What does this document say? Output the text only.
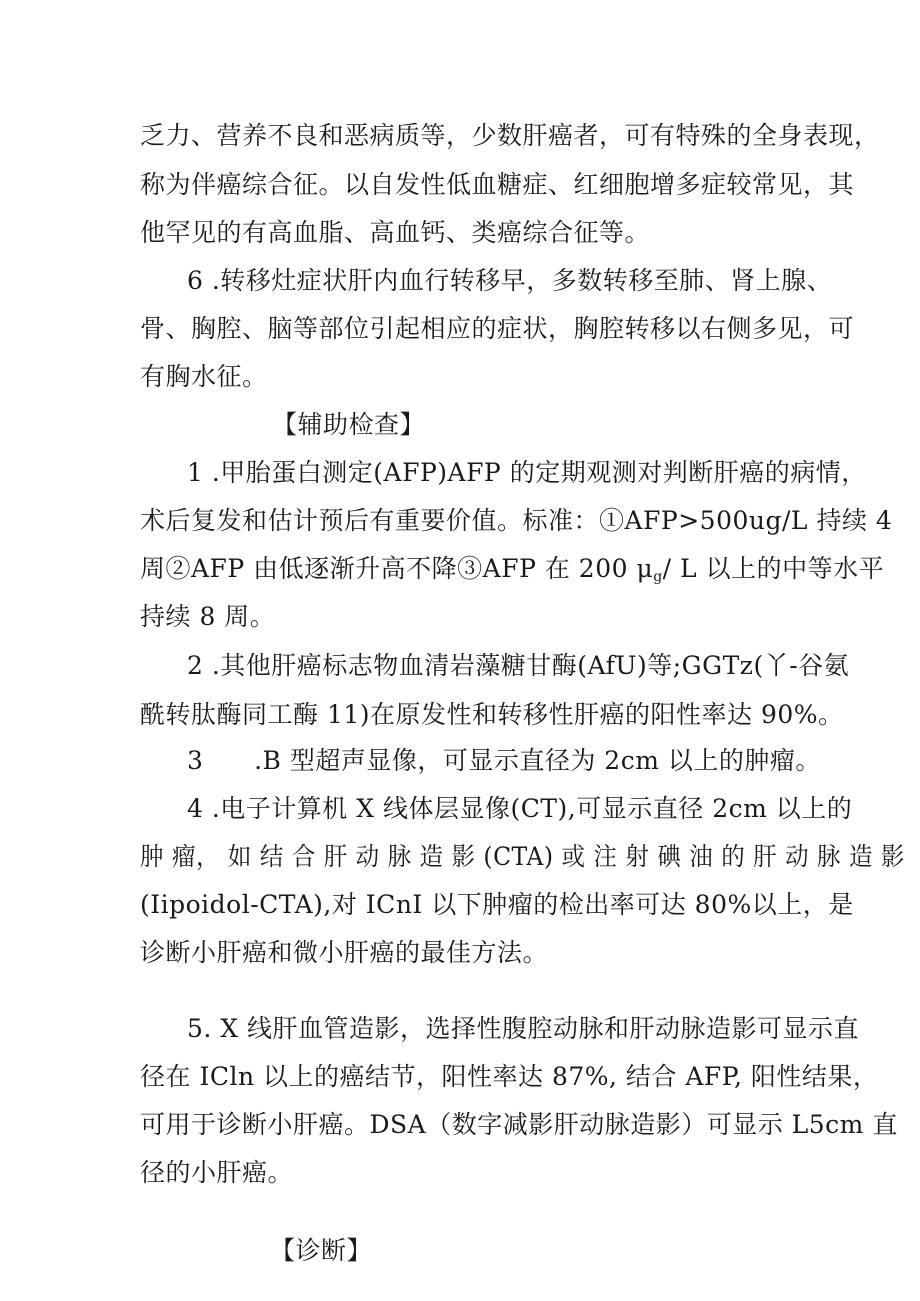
乏力、营养不良和恶病质等，少数肝癌者，可有特殊的全身表现，
称为伴癌综合征。以自发性低血糖症、红细胞增多症较常见，其
他罕见的有高血脂、高血钙、类癌综合征等。
6 .转移灶症状肝内血行转移早，多数转移至肺、肾上腺、
骨、胸腔、脑等部位引起相应的症状，胸腔转移以右侧多见，可
有胸水征。
【辅助检查】
1 .甲胎蛋白测定(AFP)AFP 的定期观测对判断肝癌的病情，
术后复发和估计预后有重要价值。标准：①AFP>500ug/L 持续 4
周②AFP 由低逐渐升高不降③AFP 在 200 $\mu_g/$ L 以上的中等水平
持续 8 周。
2 .其他肝癌标志物血清岩藻糖甘酶(AfU)等;GGTz(丫-谷氨
酰转肽酶同工酶 11)在原发性和转移性肝癌的阳性率达 90%。
3      .B 型超声显像，可显示直径为 2cm 以上的肿瘤。
4 .电子计算机 X 线体层显像(CT),可显示直径 2cm 以上的
肿 瘤， 如 结 合 肝 动 脉 造 影 (CTA) 或 注 射 碘 油 的 肝 动 脉 造 影
(Iipoidol-CTA),对 ICnI 以下肿瘤的检出率可达 80%以上，是
诊断小肝癌和微小肝癌的最佳方法。
5. X 线肝血管造影，选择性腹腔动脉和肝动脉造影可显示直
径在 ICln 以上的癌结节，阳性率达 87%, 结合 AFP, 阳性结果，
可用于诊断小肝癌。DSA（数字减影肝动脉造影）可显示 L5cm 直
径的小肝癌。
【诊断】
